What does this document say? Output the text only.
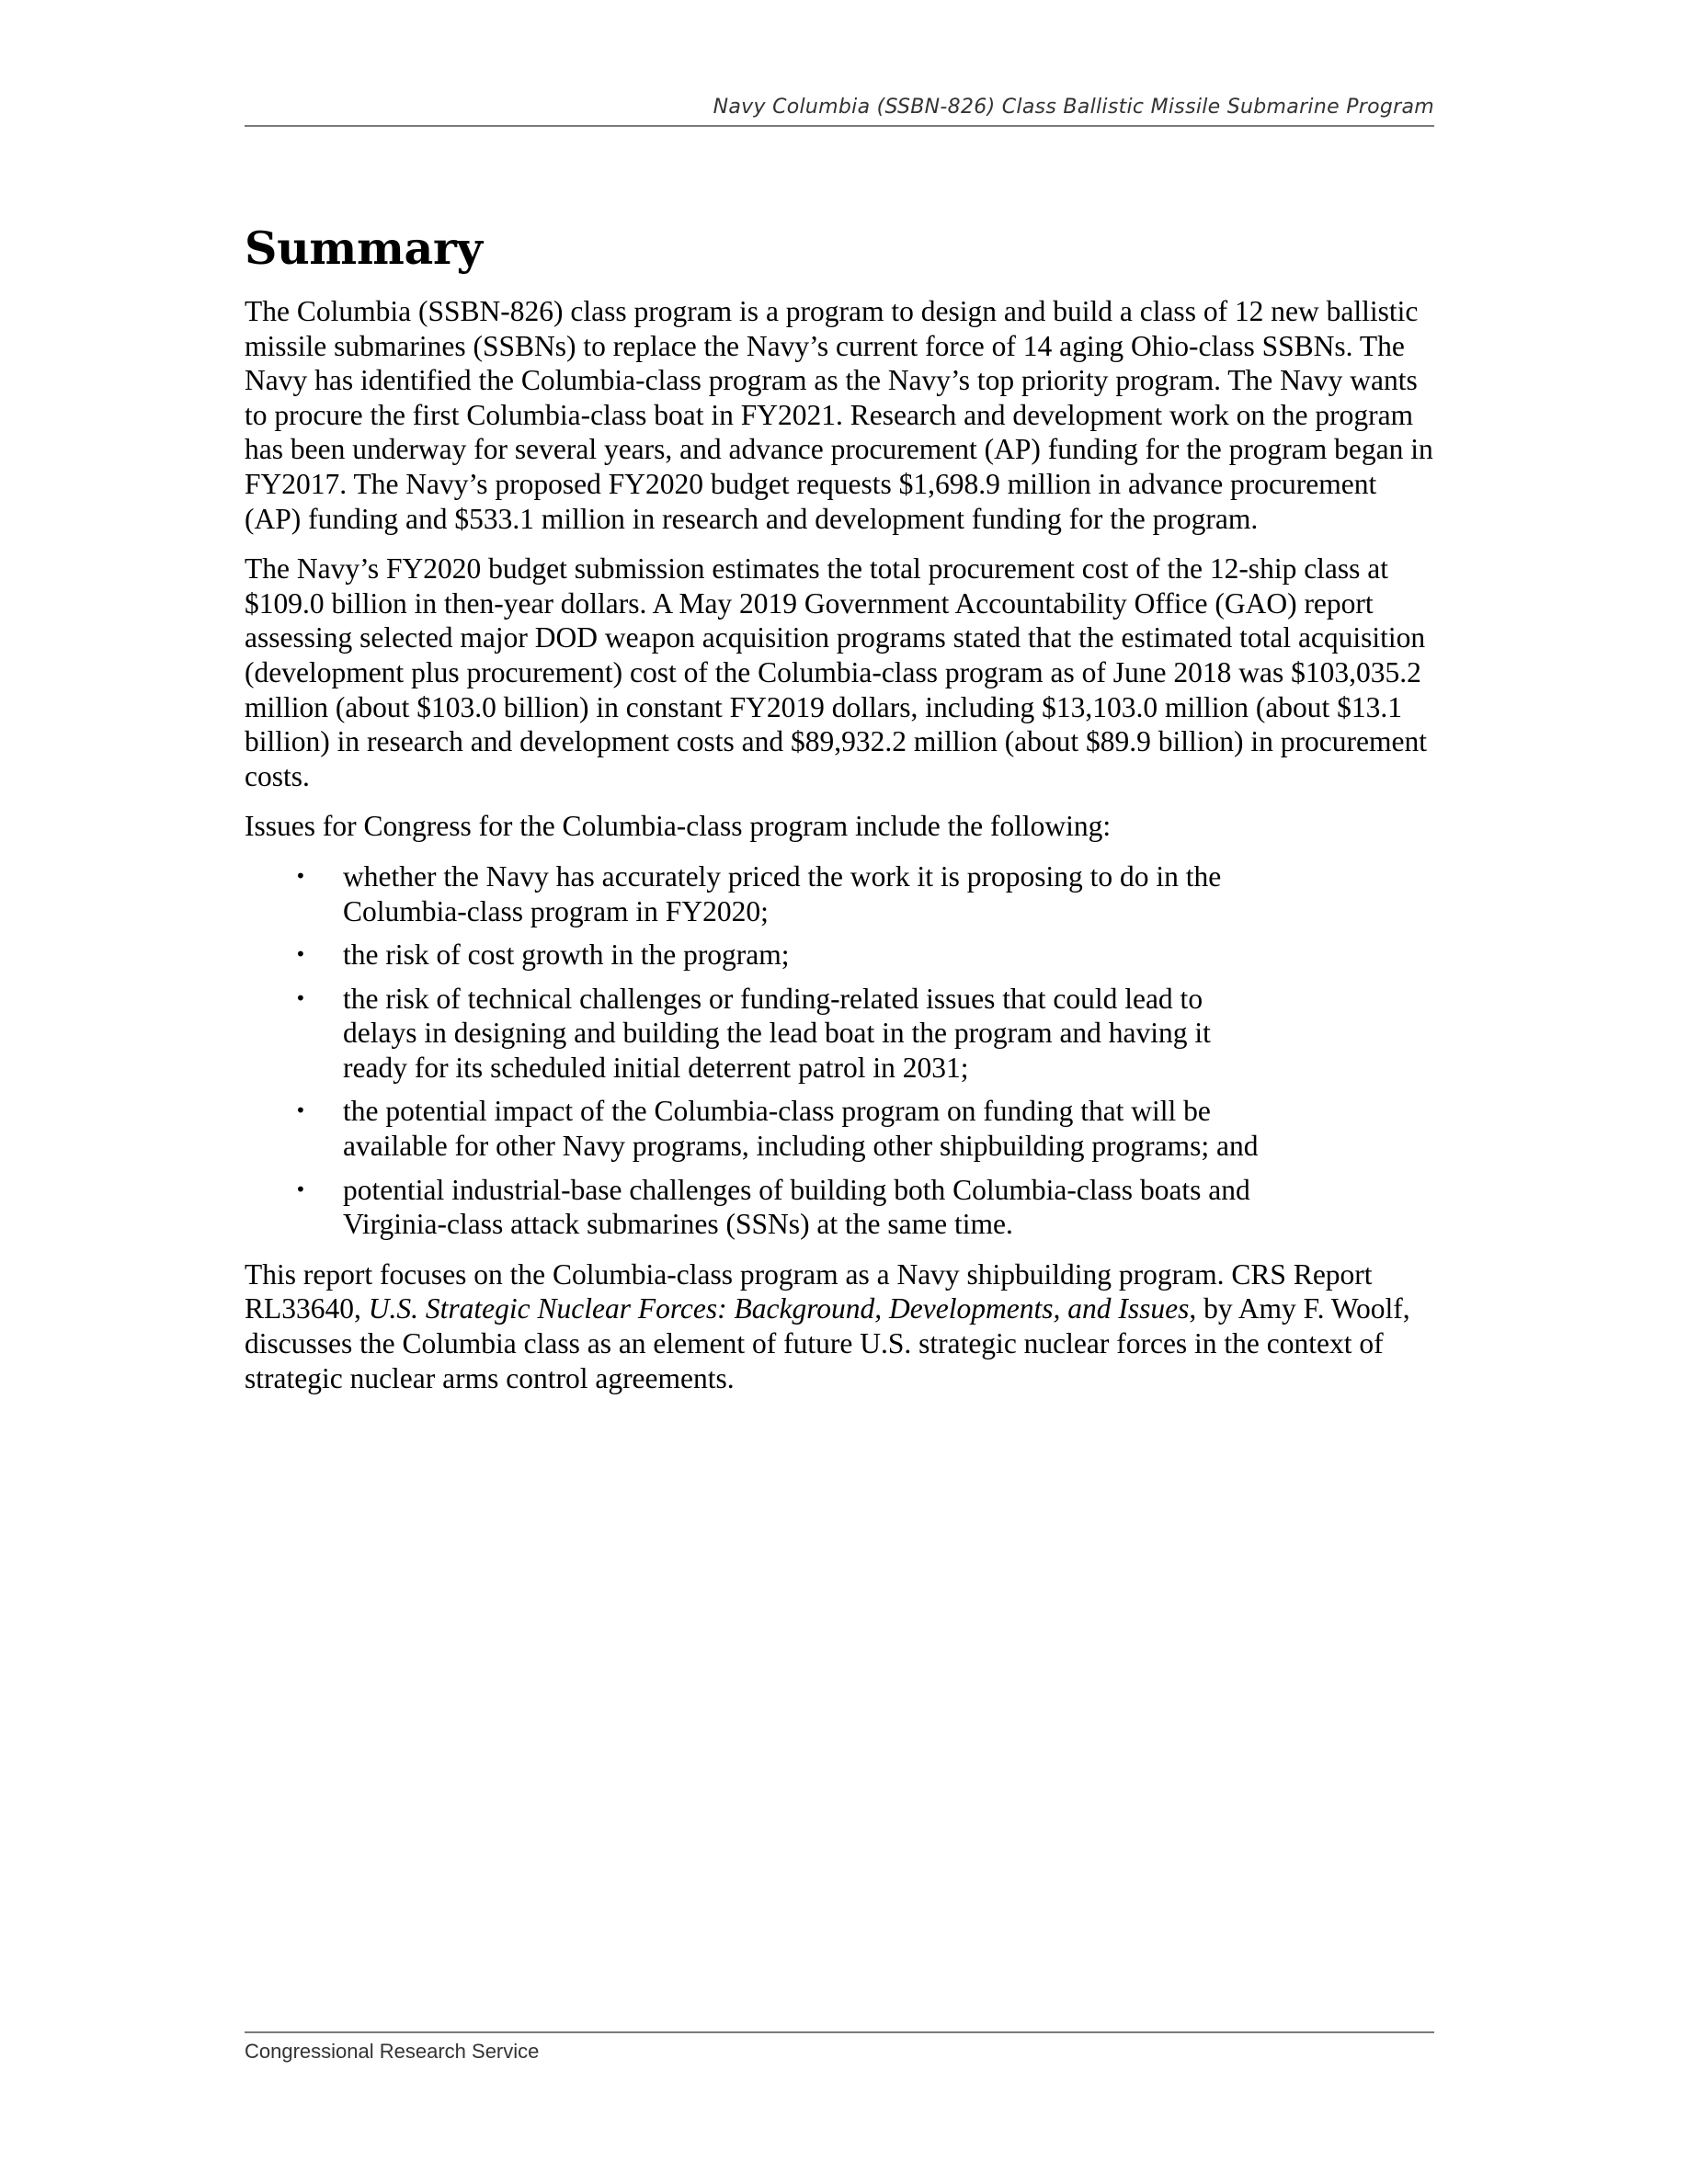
Navy Columbia (SSBN-826) Class Ballistic Missile Submarine Program
Summary

The Columbia (SSBN-826) class program is a program to design and build a class of 12 new ballistic missile submarines (SSBNs) to replace the Navy’s current force of 14 aging Ohio-class SSBNs. The Navy has identified the Columbia-class program as the Navy’s top priority program. The Navy wants to procure the first Columbia-class boat in FY2021. Research and development work on the program has been underway for several years, and advance procurement (AP) funding for the program began in FY2017. The Navy’s proposed FY2020 budget requests $1,698.9 million in advance procurement (AP) funding and $533.1 million in research and development funding for the program.

The Navy’s FY2020 budget submission estimates the total procurement cost of the 12-ship class at $109.0 billion in then-year dollars. A May 2019 Government Accountability Office (GAO) report assessing selected major DOD weapon acquisition programs stated that the estimated total acquisition (development plus procurement) cost of the Columbia-class program as of June 2018 was $103,035.2 million (about $103.0 billion) in constant FY2019 dollars, including $13,103.0 million (about $13.1 billion) in research and development costs and $89,932.2 million (about $89.9 billion) in procurement costs.

Issues for Congress for the Columbia-class program include the following:

• whether the Navy has accurately priced the work it is proposing to do in the Columbia-class program in FY2020;
• the risk of cost growth in the program;
• the risk of technical challenges or funding-related issues that could lead to delays in designing and building the lead boat in the program and having it ready for its scheduled initial deterrent patrol in 2031;
• the potential impact of the Columbia-class program on funding that will be available for other Navy programs, including other shipbuilding programs; and
• potential industrial-base challenges of building both Columbia-class boats and Virginia-class attack submarines (SSNs) at the same time.

This report focuses on the Columbia-class program as a Navy shipbuilding program. CRS Report RL33640, U.S. Strategic Nuclear Forces: Background, Developments, and Issues, by Amy F. Woolf, discusses the Columbia class as an element of future U.S. strategic nuclear forces in the context of strategic nuclear arms control agreements.

Congressional Research Service
